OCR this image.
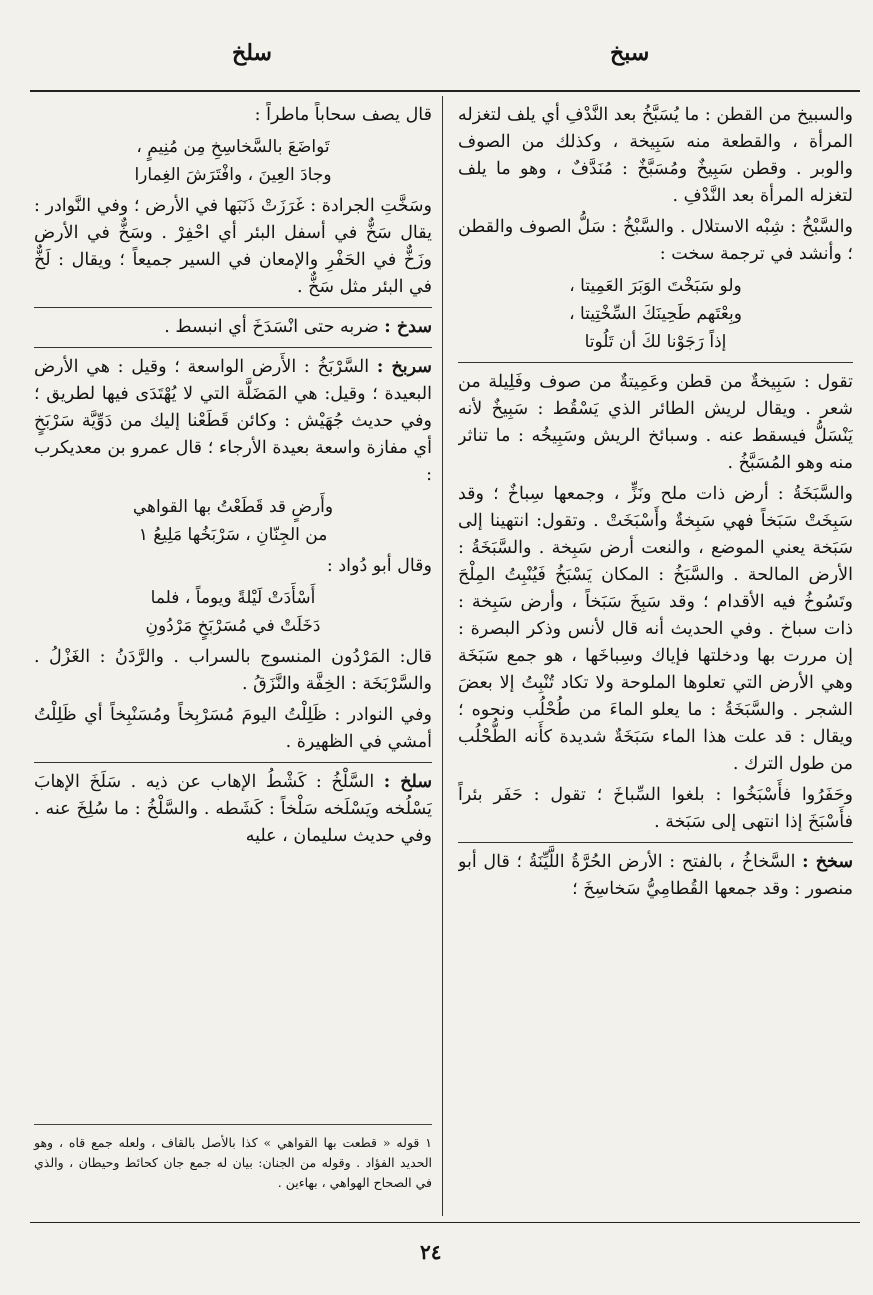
سبخ
سلخ

والسبيخ من القطن : ما يُسَبَّخُ بعد النَّدْفِ أي يلف لتغزله المرأة ، والقطعة منه سَبِيخة ، وكذلك من الصوف والوبر . وقطن سَبِيخٌ ومُسَبَّخٌ : مُنَدَّفٌ ، وهو ما يلف لتغزله المرأة بعد النَّدْفِ .

والسَّبْخُ : شِبْه الاستلال . والسَّبْخُ : سَلُّ الصوف والقطن ؛ وأنشد في ترجمة سخت :

ولو سَبَخْتَ الوَبَرَ العَمِيتا ،
وبِعْتَهم طَحِينَكَ السِّخْتِيتا ،
إذاً رَجَوْنا لكَ أن تَلُوتا

تقول : سَبِيخةٌ من قطن وعَمِيتةٌ من صوف وفَلِيلة من شعر . ويقال لريش الطائر الذي يَسْقُط : سَبِيخٌ لأنه يَنْسَلُّ فيسقط عنه . وسبائخ الريش وسَبِيخُه : ما تناثر منه وهو المُسَبَّخُ .

والسَّبَخَةُ : أرض ذات ملح ونَزٍّ ، وجمعها سِباخٌ ؛ وقد سَبِخَتْ سَبَخاً فهي سَبِخةٌ وأَسْبَخَتْ . وتقول: انتهينا إلى سَبَخة يعني الموضع ، والنعت أرض سَبِخة . والسَّبَخَةُ : الأرض المالحة . والسَّبَخُ : المكان يَسْبَخُ فَيُنْبِتُ المِلْحَ وتَسُوخُ فيه الأقدام ؛ وقد سَبِخَ سَبَخاً ، وأرض سَبِخة : ذات سباخ . وفي الحديث أنه قال لأنس وذكر البصرة : إن مررت بها ودخلتها فإياك وسِباخَها ، هو جمع سَبَخَة وهي الأرض التي تعلوها الملوحة ولا تكاد تُنْبِتُ إلا بعضَ الشجر . والسَّبَخَةُ : ما يعلو الماءَ من طُحْلُب ونحوه ؛ ويقال : قد علت هذا الماء سَبَخَةٌ شديدة كأَنه الطُّحْلُب من طول الترك .

وحَفَرُوا فأَسْبَخُوا : بلغوا السِّباخَ ؛ تقول : حَفَر بئراً فأَسْبَخَ إذا انتهى إلى سَبَخة .

سخخ : السَّخاخُ ، بالفتح : الأرض الحُرَّةُ اللَّيِّنَةُ ؛ قال أبو منصور : وقد جمعها القُطامِيُّ سَخاسِخَ ؛

قال يصف سحاباً ماطراً :

تَواضَعَ بالسَّخاسِخِ مِن مُنِيمٍ ،
وجادَ العِينَ ، وافْتَرَشَ الغِمارا

وسَخَّتِ الجرادة : غَرَزَتْ ذَنَبَها في الأرض ؛ وفي النَّوادر : يقال سَخٌّ في أسفل البئر أي احْفِرْ . وسَخٌّ في الأرض وزَخٌّ في الحَفْرِ والإمعان في السير جميعاً ؛ ويقال : لَخٌّ في البئر مثل سَخٌّ .

سدخ : ضربه حتى انْسَدَخَ أي انبسط .

سربخ : السَّرْبَخُ : الأَرض الواسعة ؛ وقيل : هي الأرض البعيدة ؛ وقيل: هي المَضَلَّة التي لا يُهْتَدَى فيها لطريق ؛ وفي حديث جُهَيْش : وكائن قَطَعْنا إليك من دَوِّيَّة سَرْبَخٍ أي مفازة واسعة بعيدة الأرجاء ؛ قال عمرو بن معديكرب :

وأَرضٍ قد قَطَعْتُ بها القواهي
من الجِنّانِ ، سَرْبَخُها مَلِيعُ ١

وقال أبو دُواد :

أَسْأَدَتْ لَيْلةً ويوماً ، فلما
دَخَلَتْ في مُسَرْبَخٍ مَرْدُونِ

قال: المَرْدُون المنسوج بالسراب . والرَّدَنُ : الغَزْلُ . والسَّرْبَخَة : الخِفَّة والنَّزَقُ .

وفي النوادر : ظَلِلْتُ اليومَ مُسَرْبِخاً ومُسَنْبِخاً أي ظَلِلْتُ أمشي في الظهيرة .

سلخ : السَّلْخُ : كَشْطُ الإهاب عن ذيه . سَلَخَ الإهابَ يَسْلُخه ويَسْلَخه سَلْخاً : كَشَطه . والسَّلْخُ : ما سُلِخَ عنه . وفي حديث سليمان ، عليه

١ قوله « قطعت بها القواهي » كذا بالأصل بالقاف ، ولعله جمع قاه ، وهو الحديد الفؤاد . وقوله من الجنان: بيان له جمع جان كحائط وحيطان ، والذي في الصحاح الهواهي ، بهاءين .
٢٤
